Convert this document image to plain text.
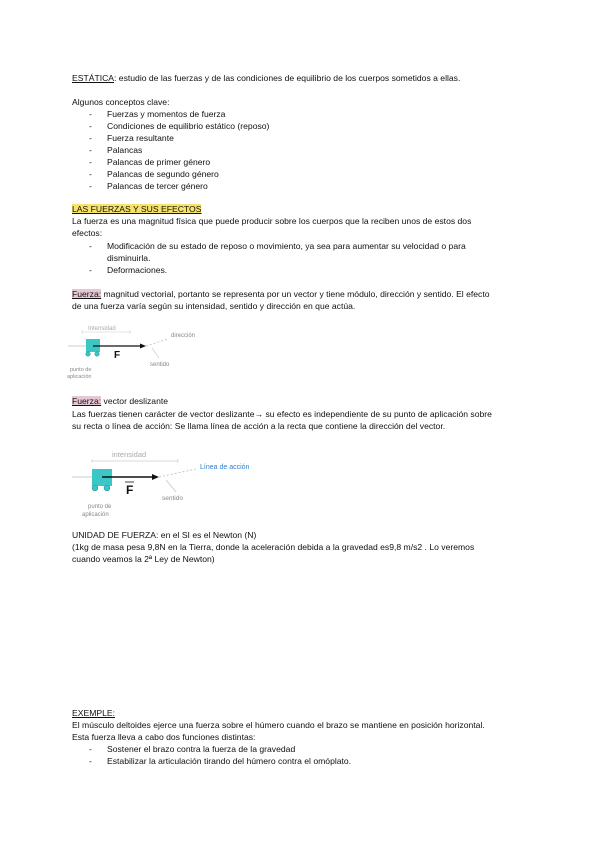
ESTÁTICA: estudio de las fuerzas y de las condiciones de equilibrio de los cuerpos sometidos a ellas.

Algunos conceptos clave:

- Fuerzas y momentos de fuerza
- Condiciones de equilibrio estático (reposo)
- Fuerza resultante
- Palancas
- Palancas de primer género
- Palancas de segundo género
- Palancas de tercer género

LAS FUERZAS Y SUS EFECTOS

La fuerza es una magnitud física que puede producir sobre los cuerpos que la reciben unos de estos dos

efectos:

- Modificación de su estado de reposo o movimiento, ya sea para aumentar su velocidad o para
disminuirla.
- Deformaciones.

Fuerza: magnitud vectorial, portanto se representa por un vector y tiene módulo, dirección y sentido. El efecto

de una fuerza varía según su intensidad, sentido y dirección en que actúa.

Intensidad
dirección
F
sentido
punto de
aplicación

Fuerza: vector deslizante

Las fuerzas tienen carácter de vector deslizante→ su efecto es independiente de su punto de aplicación sobre

su recta o línea de acción: Se llama línea de acción a la recta que contiene la dirección del vector.

intensidad
Línea de acción
F
sentido
punto de
aplicación

UNIDAD DE FUERZA: en el SI es el Newton (N)

(1kg de masa pesa 9,8N en la Tierra, donde la aceleración debida a la gravedad es9,8 m/s2 . Lo veremos

cuando veamos la 2ª Ley de Newton)

EXEMPLE:

El músculo deltoides ejerce una fuerza sobre el húmero cuando el brazo se mantiene en posición horizontal.

Esta fuerza lleva a cabo dos funciones distintas:

- Sostener el brazo contra la fuerza de la gravedad
- Estabilizar la articulación tirando del húmero contra el omóplato.
